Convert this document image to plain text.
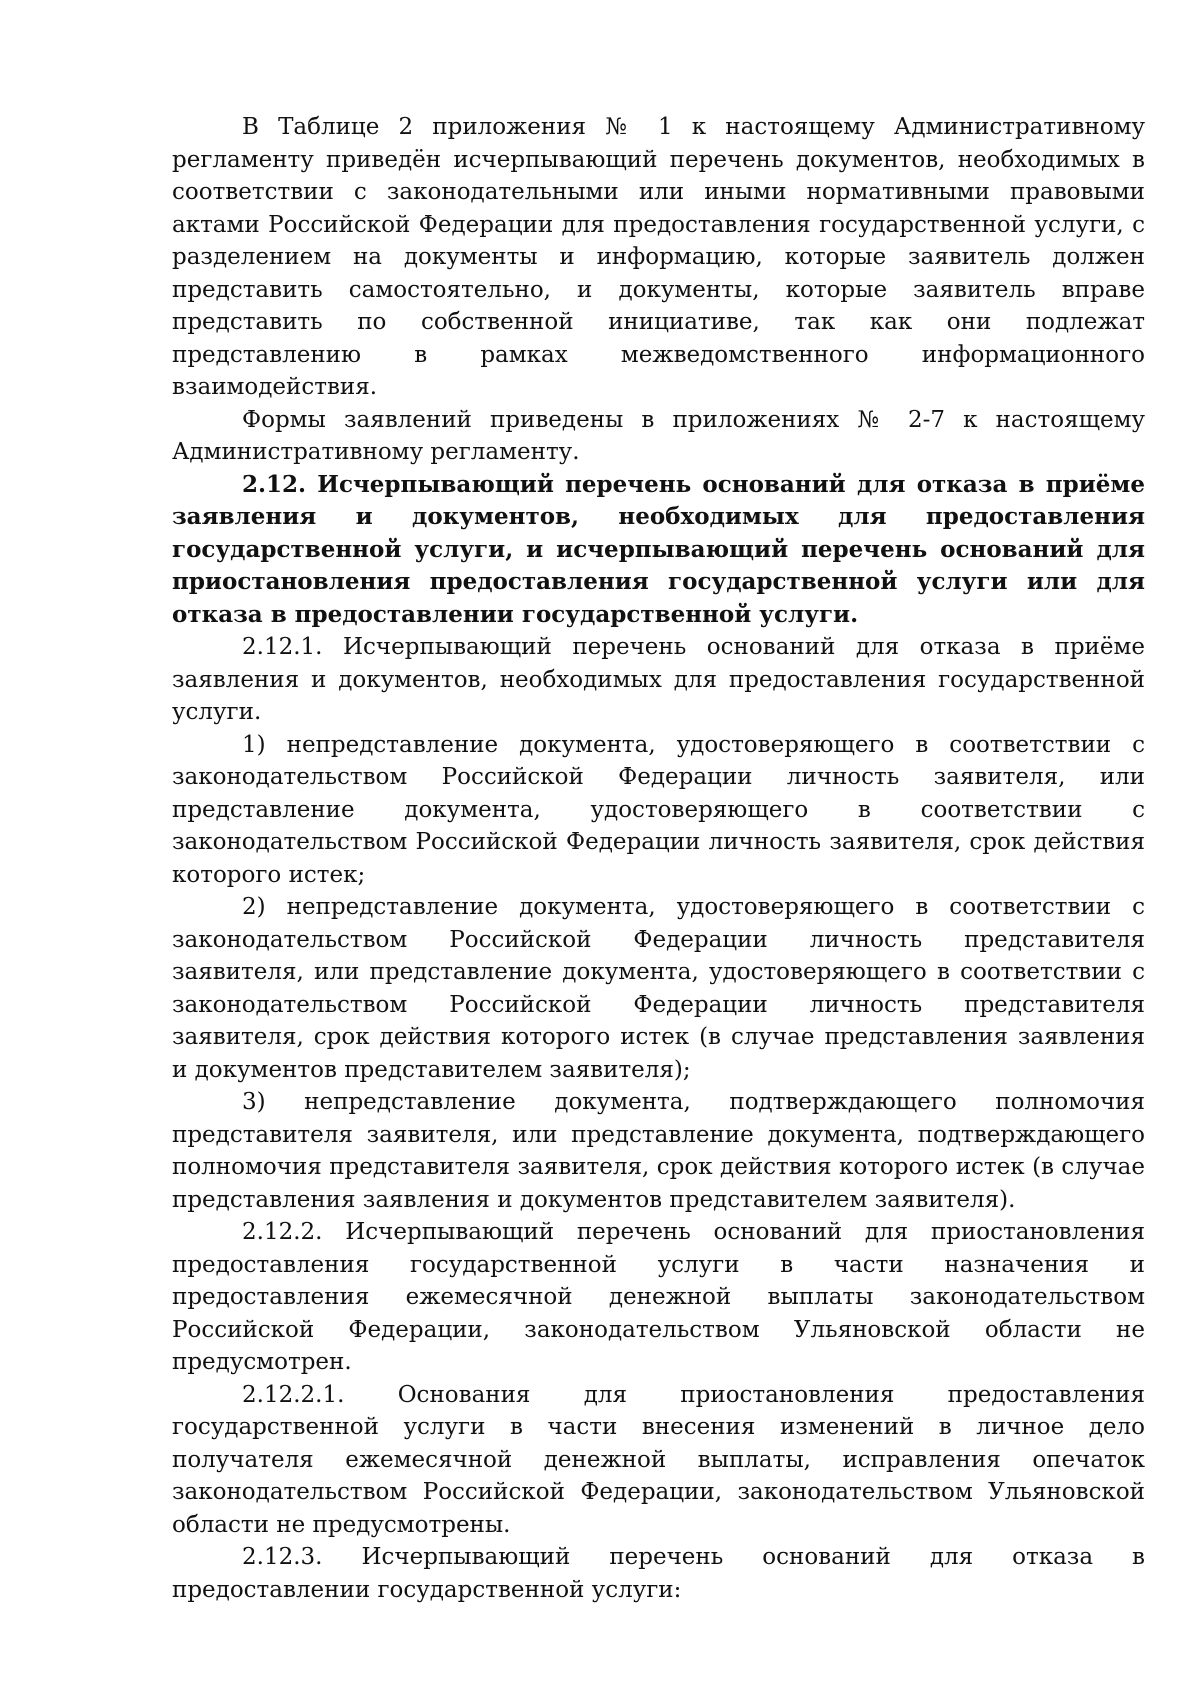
В Таблице 2 приложения № 1 к настоящему Административному регламенту приведён исчерпывающий перечень документов, необходимых в соответствии с законодательными или иными нормативными правовыми актами Российской Федерации для предоставления государственной услуги, с разделением на документы и информацию, которые заявитель должен представить самостоятельно, и документы, которые заявитель вправе представить по собственной инициативе, так как они подлежат представлению в рамках межведомственного информационного взаимодействия.

Формы заявлений приведены в приложениях № 2-7 к настоящему Административному регламенту.

2.12. Исчерпывающий перечень оснований для отказа в приёме заявления и документов, необходимых для предоставления государственной услуги, и исчерпывающий перечень оснований для приостановления предоставления государственной услуги или для отказа в предоставлении государственной услуги.

2.12.1. Исчерпывающий перечень оснований для отказа в приёме заявления и документов, необходимых для предоставления государственной услуги.

1) непредставление документа, удостоверяющего в соответствии с законодательством Российской Федерации личность заявителя, или представление документа, удостоверяющего в соответствии с законодательством Российской Федерации личность заявителя, срок действия которого истек;

2) непредставление документа, удостоверяющего в соответствии с законодательством Российской Федерации личность представителя заявителя, или представление документа, удостоверяющего в соответствии с законодательством Российской Федерации личность представителя заявителя, срок действия которого истек (в случае представления заявления и документов представителем заявителя);

3) непредставление документа, подтверждающего полномочия представителя заявителя, или представление документа, подтверждающего полномочия представителя заявителя, срок действия которого истек (в случае представления заявления и документов представителем заявителя).

2.12.2. Исчерпывающий перечень оснований для приостановления предоставления государственной услуги в части назначения и предоставления ежемесячной денежной выплаты законодательством Российской Федерации, законодательством Ульяновской области не предусмотрен.

2.12.2.1. Основания для приостановления предоставления государственной услуги в части внесения изменений в личное дело получателя ежемесячной денежной выплаты, исправления опечаток законодательством Российской Федерации, законодательством Ульяновской области не предусмотрены.

2.12.3. Исчерпывающий перечень оснований для отказа в предоставлении государственной услуги:
